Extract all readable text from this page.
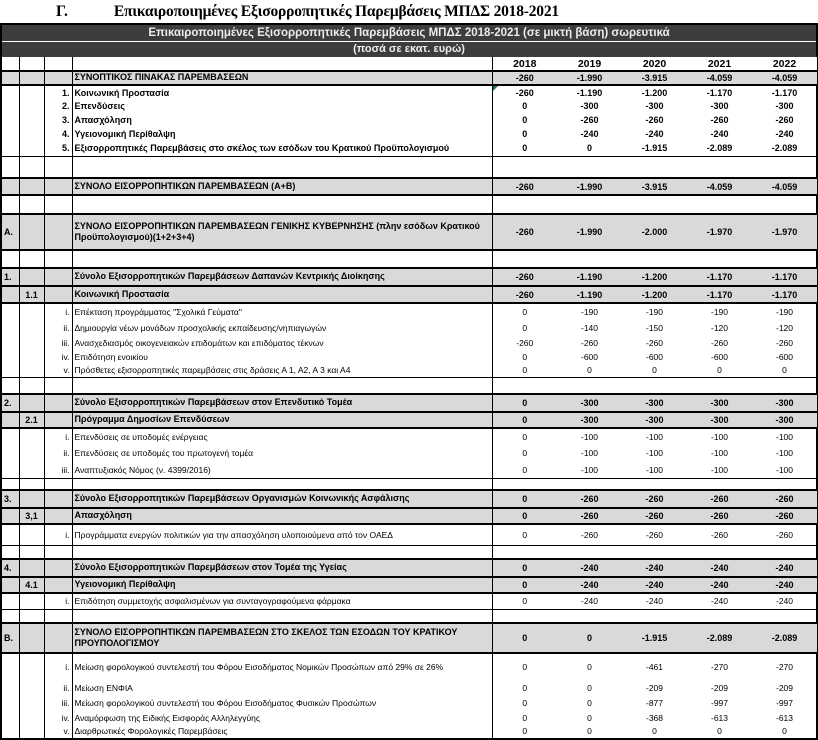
Γ.	Επικαιροποιημένες Εξισορροπητικές Παρεμβάσεις ΜΠΔΣ 2018-2021
Επικαιροποιημένες Εξισορροπητικές Παρεμβάσεις ΜΠΔΣ 2018-2021 (σε μικτή βάση) σωρευτικά
(ποσά σε εκατ. ευρώ)
				2018	2019	2020	2021	2022
			ΣΥΝΟΠΤΙΚΟΣ ΠΙΝΑΚΑΣ ΠΑΡΕΜΒΑΣΕΩΝ	-260	-1.990	-3.915	-4.059	-4.059
		1.	Κοινωνική Προστασία	-260	-1.190	-1.200	-1.170	-1.170
		2.	Επενδύσεις	0	-300	-300	-300	-300
		3.	Απασχόληση	0	-260	-260	-260	-260
		4.	Υγειονομική Περίθαλψη	0	-240	-240	-240	-240
		5.	Εξισορροπητικές Παρεμβάσεις στο σκέλος των εσόδων του Κρατικού Προϋπολογισμού	0	0	-1.915	-2.089	-2.089

			ΣΥΝΟΛΟ ΕΙΣΟΡΡΟΠΗΤΙΚΩΝ ΠΑΡΕΜΒΑΣΕΩΝ (Α+Β)	-260	-1.990	-3.915	-4.059	-4.059

Α.			ΣΥΝΟΛΟ ΕΙΣΟΡΡΟΠΗΤΙΚΩΝ ΠΑΡΕΜΒΑΣΕΩΝ ΓΕΝΙΚΗΣ ΚΥΒΕΡΝΗΣΗΣ (πλην εσόδων Κρατικού Προϋπολογισμού)(1+2+3+4)	-260	-1.990	-2.000	-1.970	-1.970

1.			Σύνολο Εξισορροπητικών Παρεμβάσεων Δαπανών Κεντρικής Διοίκησης	-260	-1.190	-1.200	-1.170	-1.170
	1.1		Κοινωνική Προστασία	-260	-1.190	-1.200	-1.170	-1.170
		i.	Επέκταση προγράμματος "Σχολικά Γεύματα"	0	-190	-190	-190	-190
		ii.	Δημιουργία νέων μονάδων προσχολικής εκπαίδευσης/νηπιαγωγών	0	-140	-150	-120	-120
		iii.	Ανασχεδιασμός οικογενειακών επιδομάτων και επιδόματος τέκνων	-260	-260	-260	-260	-260
		iv.	Επιδότηση ενοικίου	0	-600	-600	-600	-600
		v.	Πρόσθετες εξισορροπητικές παρεμβάσεις στις δράσεις Α 1, Α2, Α 3 και Α4	0	0	0	0	0

2.			Σύνολο Εξισορροπητικών Παρεμβάσεων στον Επενδυτικό Τομέα	0	-300	-300	-300	-300
	2.1		Πρόγραμμα Δημοσίων Επενδύσεων	0	-300	-300	-300	-300
		i.	Επενδύσεις σε υποδομές ενέργειας	0	-100	-100	-100	-100
		ii.	Επενδύσεις σε υποδομές του πρωτογενή τομέα	0	-100	-100	-100	-100
		iii.	Αναπτυξιακός Νόμος (ν. 4399/2016)	0	-100	-100	-100	-100

3.			Σύνολο Εξισορροπητικών Παρεμβάσεων Οργανισμών Κοινωνικής Ασφάλισης	0	-260	-260	-260	-260
	3,1		Απασχόληση	0	-260	-260	-260	-260
		i.	Προγράμματα ενεργών πολιτικών για την απασχόληση υλοποιούμενα από τον ΟΑΕΔ	0	-260	-260	-260	-260

4.			Σύνολο Εξισορροπητικών Παρεμβάσεων στον Τομέα της Υγείας	0	-240	-240	-240	-240
	4.1		Υγειονομική Περίθαλψη	0	-240	-240	-240	-240
		i.	Επιδότηση συμμετοχής ασφαλισμένων για συνταγογραφούμενα φάρμακα	0	-240	-240	-240	-240

Β.			ΣΥΝΟΛΟ ΕΙΣΟΡΡΟΠΗΤΙΚΩΝ ΠΑΡΕΜΒΑΣΕΩΝ ΣΤΟ ΣΚΕΛΟΣ ΤΩΝ ΕΣΟΔΩΝ ΤΟΥ ΚΡΑΤΙΚΟΥ ΠΡΟΥΠΟΛΟΓΙΣΜΟΥ	0	0	-1.915	-2.089	-2.089
		i.	Μείωση φορολογικού συντελεστή του Φόρου Εισοδήματος Νομικών Προσώπων από 29% σε 26%	0	0	-461	-270	-270
		ii.	Μείωση ΕΝΦΙΑ	0	0	-209	-209	-209
		iii.	Μείωση φορολογικού συντελεστή του Φόρου Εισοδήματος Φυσικών Προσώπων	0	0	-877	-997	-997
		iv.	Αναμόρφωση της Ειδικής Εισφοράς Αλληλεγγύης	0	0	-368	-613	-613
		v.	Διαρθρωτικές Φορολογικές Παρεμβάσεις	0	0	0	0	0
